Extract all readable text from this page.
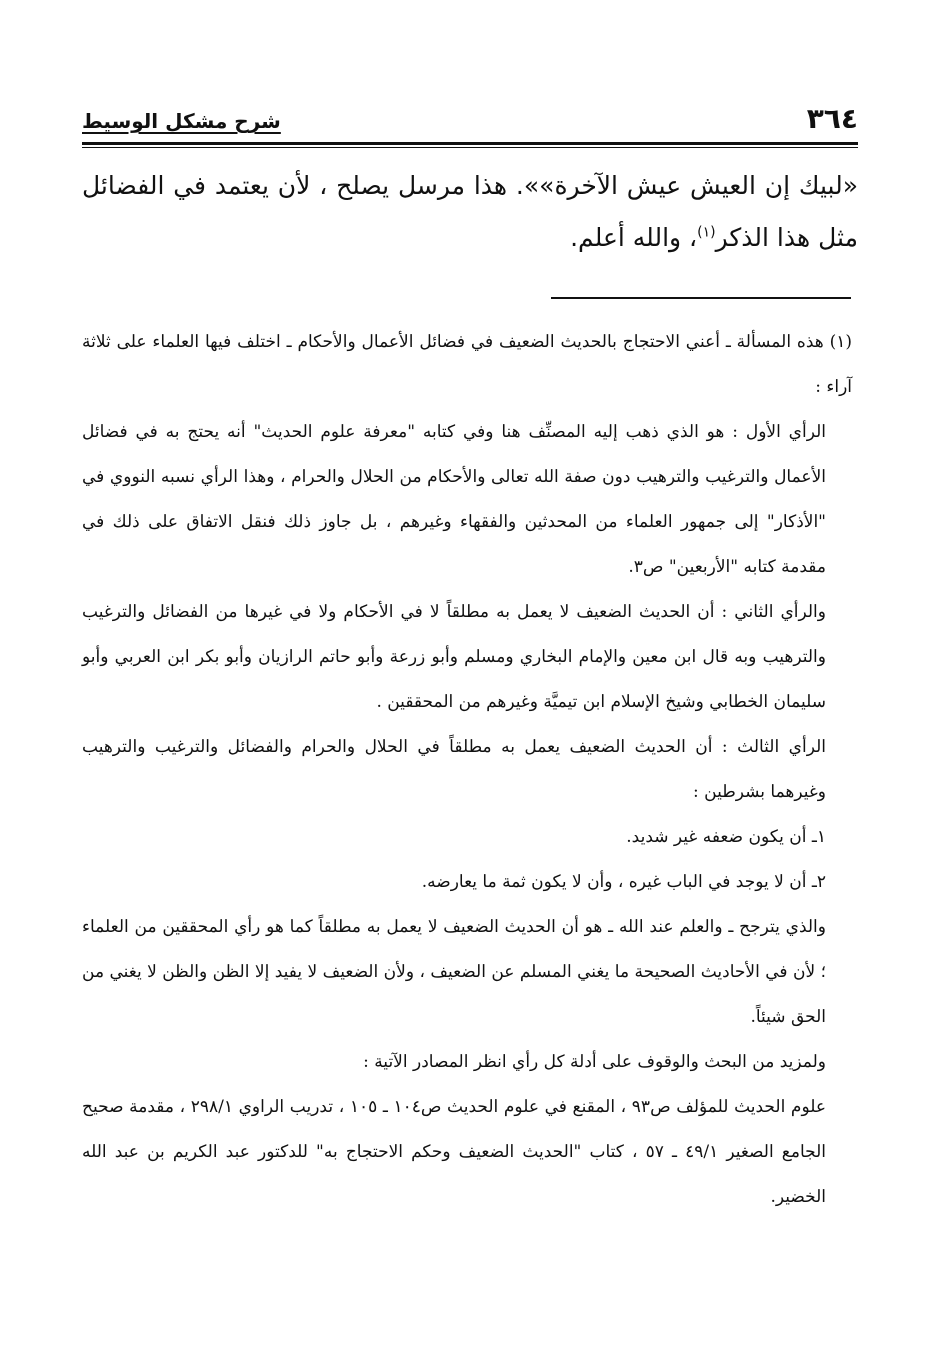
٣٦٤
شرح مشكل الوسيط

«لبيك إن العيش عيش الآخرة»». هذا مرسل يصلح ، لأن يعتمد في الفضائل مثل هذا الذكر$^{(١)}$، والله أعلم.

(١) هذه المسألة ـ أعني الاحتجاج بالحديث الضعيف في فضائل الأعمال والأحكام ـ اختلف فيها العلماء على ثلاثة آراء :

الرأي الأول : هو الذي ذهب إليه المصنِّف هنا وفي كتابه "معرفة علوم الحديث" أنه يحتج به في فضائل الأعمال والترغيب والترهيب دون صفة الله تعالى والأحكام من الحلال والحرام ، وهذا الرأي نسبه النووي في "الأذكار" إلى جمهور العلماء من المحدثين والفقهاء وغيرهم ، بل جاوز ذلك فنقل الاتفاق على ذلك في مقدمة كتابه "الأربعين" ص٣.

والرأي الثاني : أن الحديث الضعيف لا يعمل به مطلقاً لا في الأحكام ولا في غيرها من الفضائل والترغيب والترهيب وبه قال ابن معين والإمام البخاري ومسلم وأبو زرعة وأبو حاتم الرازيان وأبو بكر ابن العربي وأبو سليمان الخطابي وشيخ الإسلام ابن تيميَّة وغيرهم من المحققين .

الرأي الثالث : أن الحديث الضعيف يعمل به مطلقاً في الحلال والحرام والفضائل والترغيب والترهيب وغيرهما بشرطين :

١ـ أن يكون ضعفه غير شديد.

٢ـ أن لا يوجد في الباب غيره ، وأن لا يكون ثمة ما يعارضه.

والذي يترجح ـ والعلم عند الله ـ هو أن الحديث الضعيف لا يعمل به مطلقاً كما هو رأي المحققين من العلماء ؛ لأن في الأحاديث الصحيحة ما يغني المسلم عن الضعيف ، ولأن الضعيف لا يفيد إلا الظن والظن لا يغني من الحق شيئاً.

ولمزيد من البحث والوقوف على أدلة كل رأي انظر المصادر الآتية :

علوم الحديث للمؤلف ص٩٣ ، المقنع في علوم الحديث ص١٠٤ ـ ١٠٥ ، تدريب الراوي ٢٩٨/١ ، مقدمة صحيح الجامع الصغير ٤٩/١ ـ ٥٧ ، كتاب "الحديث الضعيف وحكم الاحتجاج به" للدكتور عبد الكريم بن عبد الله الخضير.
